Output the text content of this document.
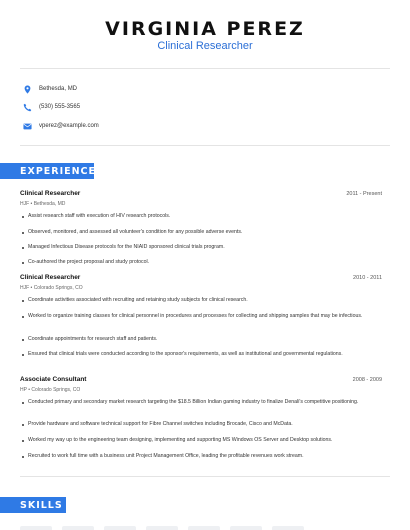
VIRGINIA PEREZ
Clinical Researcher
Bethesda, MD
(530) 555-3565
vperez@example.com
EXPERIENCE
Clinical Researcher	2011 - Present
HJF • Bethesda, MD
Assist research staff with execution of HIV research protocols.
Observed, monitored, and assessed all volunteer's condition for any possible adverse events.
Managed Infectious Disease protocols for the NIAID sponsored clinical trials program.
Co-authored the project proposal and study protocol.
Clinical Researcher	2010 - 2011
HJF • Colorado Springs, CO
Coordinate activities associated with recruiting and retaining study subjects for clinical research.
Worked to organize training classes for clinical personnel in procedures and processes for collecting and shipping samples that may be infectious.
Coordinate appointments for research staff and patients.
Ensured that clinical trials were conducted according to the sponsor's requirements, as well as institutional and governmental regulations.
Associate Consultant	2008 - 2009
HP • Colorado Springs, CO
Conducted primary and secondary market research targeting the $18.5 Billion Indian gaming industry to finalize Denali's competitive positioning.
Provide hardware and software technical support for Fibre Channel switches including Brocade, Cisco and McData.
Worked my way up to the engineering team designing, implementing and supporting MS Windows OS Server and Desktop solutions.
Recruited to work full time with a business unit Project Management Office, leading the profitable revenues work stream.
SKILLS
